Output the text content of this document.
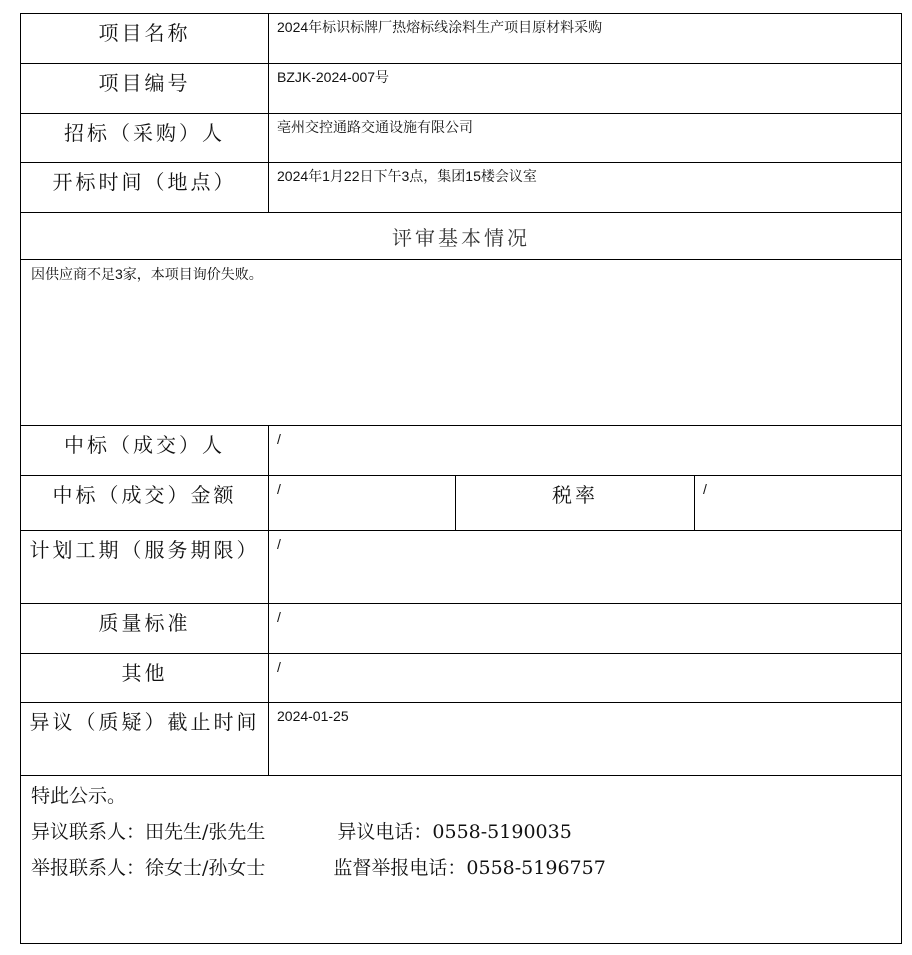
项目名称	2024年标识标牌厂热熔标线涂料生产项目原材料采购		
项目编号	BZJK-2024-007号		
招标（采购）人	亳州交控通路交通设施有限公司		
开标时间（地点）	2024年1月22日下午3点，集团15楼会议室		
评审基本情况			
因供应商不足3家，本项目询价失败。			
中标（成交）人	/		
中标（成交）金额	/	税率	/
计划工期（服务期限）	/		
质量标准	/		
其他	/		
异议（质疑）截止时间	2024-01-25		

特此公示。
异议联系人：田先生/张先生 异议电话：0558-5190035
举报联系人：徐女士/孙女士 监督举报电话：0558-5196757			
